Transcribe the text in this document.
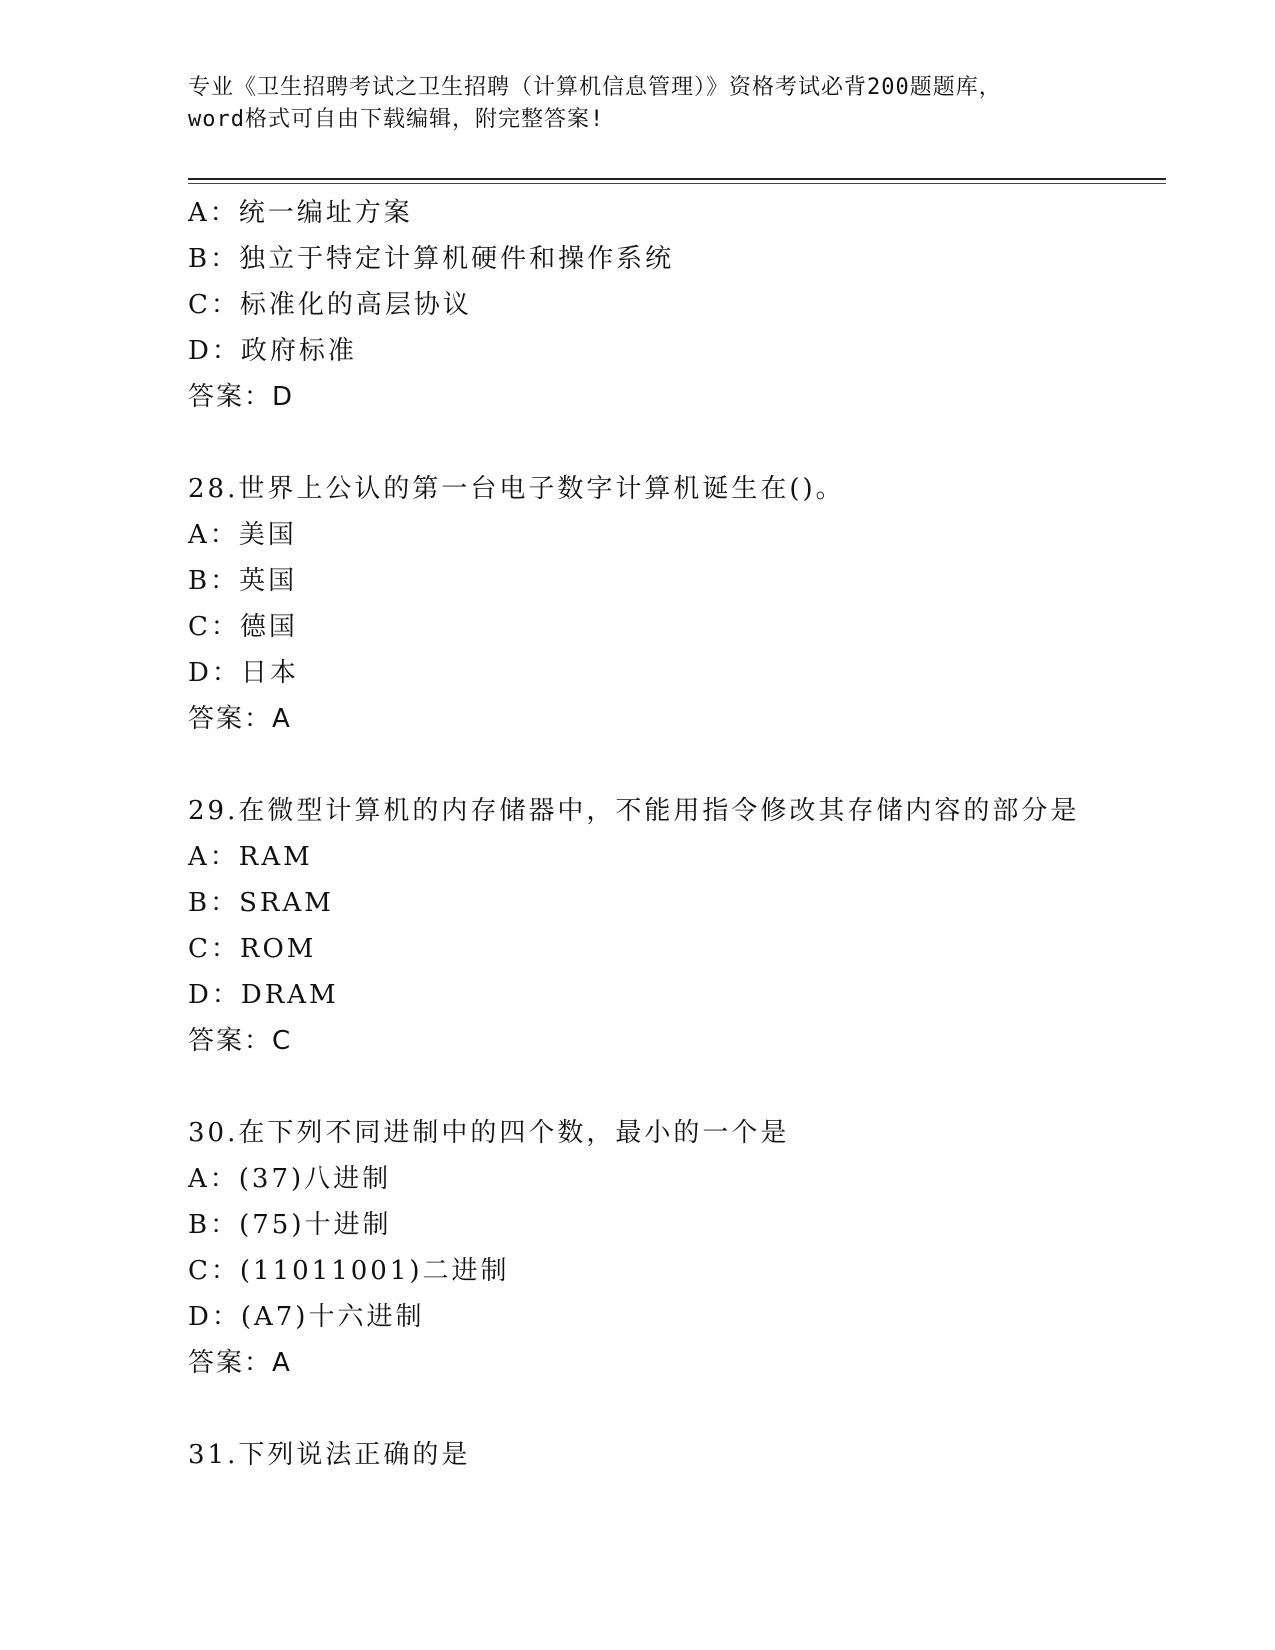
专业《卫生招聘考试之卫生招聘（计算机信息管理）》资格考试必背200题题库，
word格式可自由下载编辑，附完整答案!
A：统一编址方案
B：独立于特定计算机硬件和操作系统
C：标准化的高层协议
D：政府标准
答案：D
28.世界上公认的第一台电子数字计算机诞生在()。
A：美国
B：英国
C：德国
D：日本
答案：A
29.在微型计算机的内存储器中，不能用指令修改其存储内容的部分是
A：RAM
B：SRAM
C：ROM
D：DRAM
答案：C
30.在下列不同进制中的四个数，最小的一个是
A：(37)八进制
B：(75)十进制
C：(11011001)二进制
D：(A7)十六进制
答案：A
31.下列说法正确的是
